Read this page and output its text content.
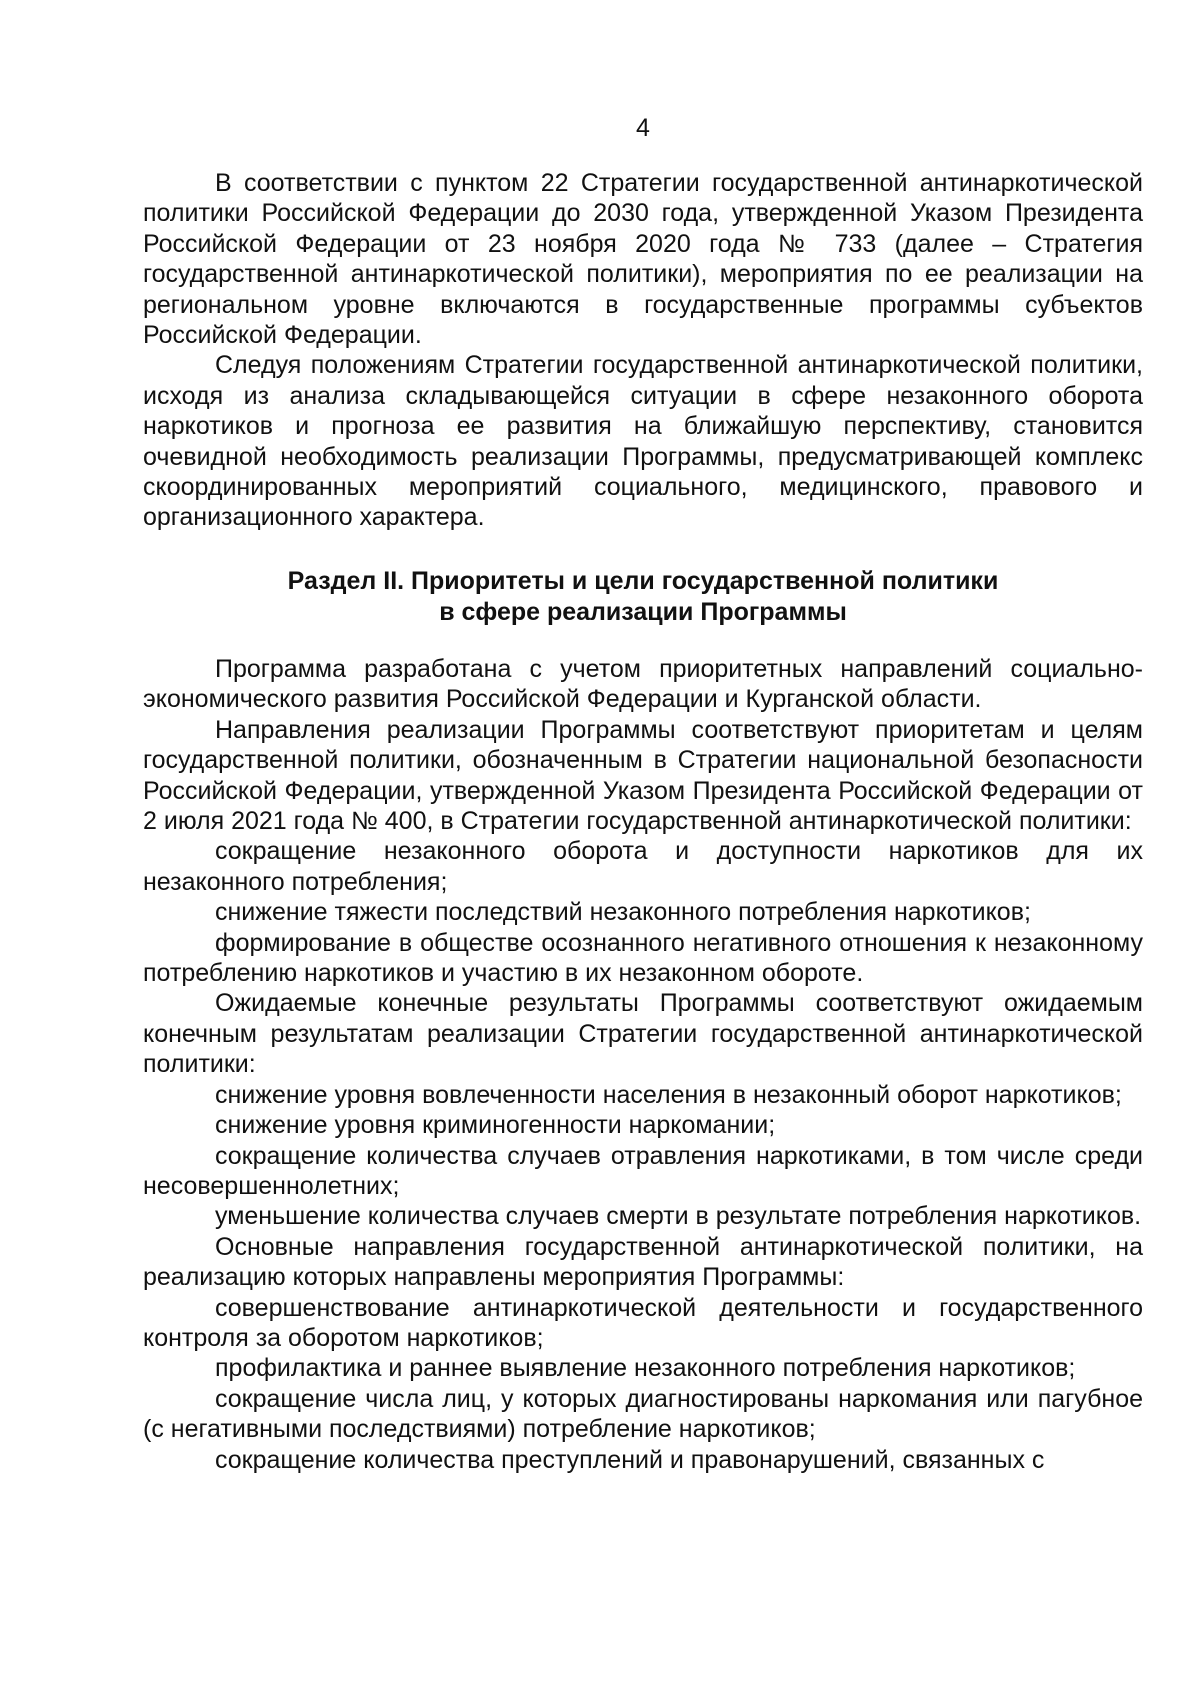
4

В соответствии с пунктом 22 Стратегии государственной антинаркотической политики Российской Федерации до 2030 года, утвержденной Указом Президента Российской Федерации от 23 ноября 2020 года № 733 (далее – Стратегия государственной антинаркотической политики), мероприятия по ее реализации на региональном уровне включаются в государственные программы субъектов Российской Федерации.

Следуя положениям Стратегии государственной антинаркотической политики, исходя из анализа складывающейся ситуации в сфере незаконного оборота наркотиков и прогноза ее развития на ближайшую перспективу, становится очевидной необходимость реализации Программы, предусматривающей комплекс скоординированных мероприятий социального, медицинского, правового и организационного характера.

Раздел II. Приоритеты и цели государственной политики
в сфере реализации Программы

Программа разработана с учетом приоритетных направлений социально-экономического развития Российской Федерации и Курганской области.

Направления реализации Программы соответствуют приоритетам и целям государственной политики, обозначенным в Стратегии национальной безопасности Российской Федерации, утвержденной Указом Президента Российской Федерации от 2 июля 2021 года № 400, в Стратегии государственной антинаркотической политики:

сокращение незаконного оборота и доступности наркотиков для их незаконного потребления;

снижение тяжести последствий незаконного потребления наркотиков;

формирование в обществе осознанного негативного отношения к незаконному потреблению наркотиков и участию в их незаконном обороте.

Ожидаемые конечные результаты Программы соответствуют ожидаемым конечным результатам реализации Стратегии государственной антинаркотической политики:

снижение уровня вовлеченности населения в незаконный оборот наркотиков;

снижение уровня криминогенности наркомании;

сокращение количества случаев отравления наркотиками, в том числе среди несовершеннолетних;

уменьшение количества случаев смерти в результате потребления наркотиков.

Основные направления государственной антинаркотической политики, на реализацию которых направлены мероприятия Программы:

совершенствование антинаркотической деятельности и государственного контроля за оборотом наркотиков;

профилактика и раннее выявление незаконного потребления наркотиков;

сокращение числа лиц, у которых диагностированы наркомания или пагубное (с негативными последствиями) потребление наркотиков;

сокращение количества преступлений и правонарушений, связанных с
